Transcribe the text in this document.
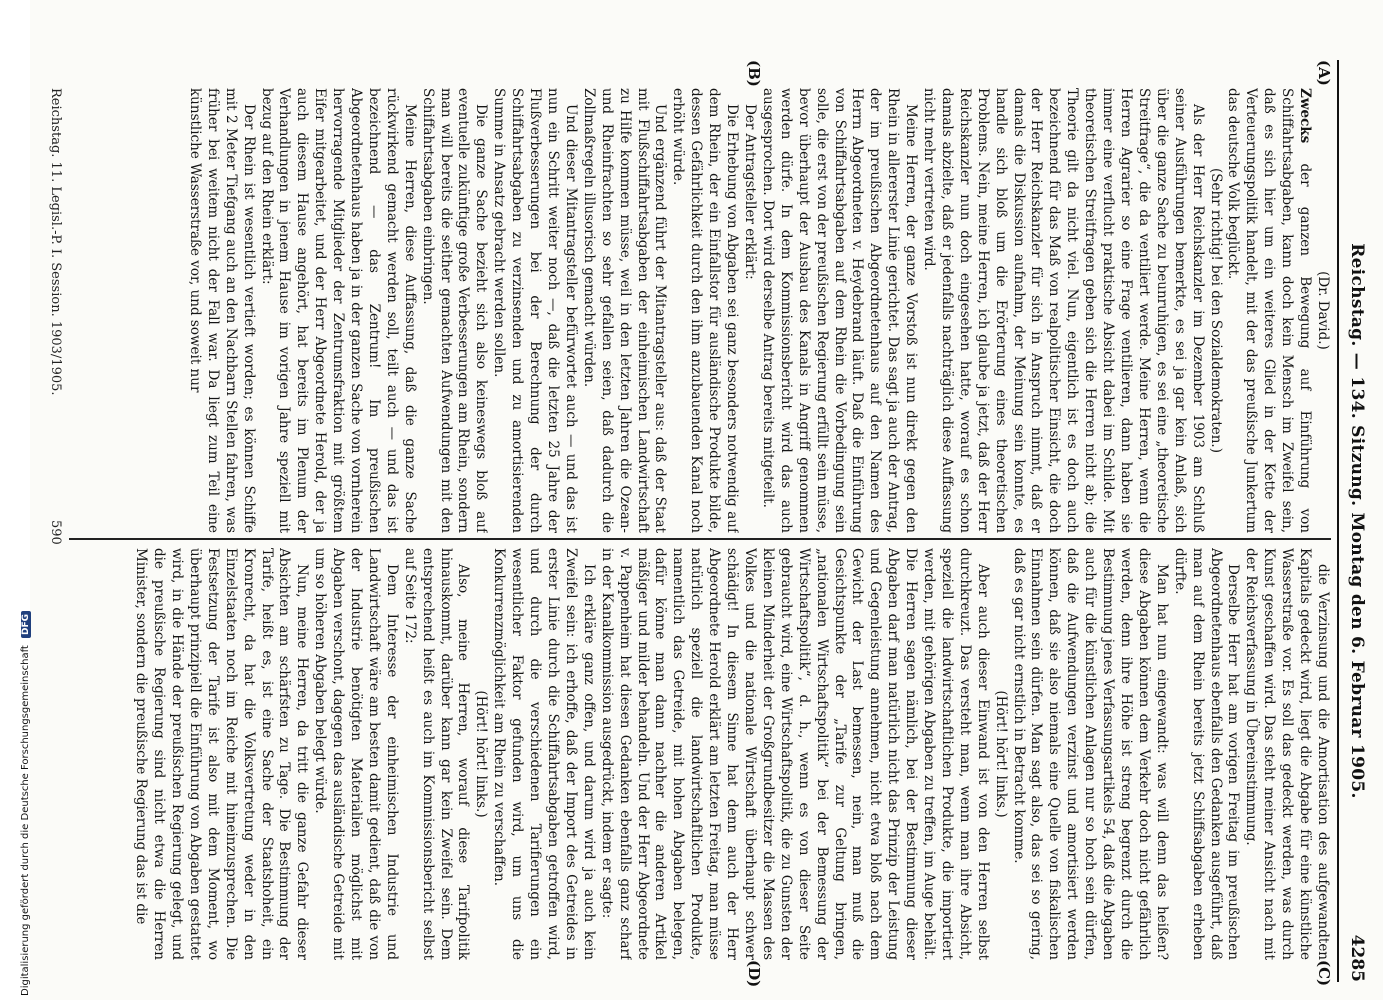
Reichstag. — 134. Sitzung. Montag den 6. Februar 1905.
4285
(A)
(B)
(C)
(D)

(Dr. David.)

Zwecks der ganzen Bewegung auf Einführung von Schiffahrtsabgaben, kann doch kein Mensch im Zweifel sein, daß es sich hier um ein weiteres Glied in der Kette der Verteuerungspolitik handelt, mit der das preußische Junkertum das deutsche Volk beglückt.

(Sehr richtig! bei den Sozialdemokraten.)

Als der Herr Reichskanzler im Dezember 1903 am Schluß seiner Ausführungen bemerkte, es sei ja gar kein Anlaß, sich über die ganze Sache zu beunruhigen, es sei eine „theoretische Streitfrage“, die da ventiliert werde. Meine Herren, wenn die Herren Agrarier so eine Frage ventilieren, dann haben sie immer eine verflucht praktische Absicht dabei im Schilde. Mit theoretischen Streitfragen geben sich die Herren nicht ab; die Theorie gilt da nicht viel. Nun, eigentlich ist es doch auch bezeichnend für das Maß von realpolitischer Einsicht, die doch der Herr Reichskanzler für sich in Anspruch nimmt, daß er damals die Diskussion aufnahm, der Meinung sein konnte, es handle sich bloß um die Erörterung eines theoretischen Problems. Nein, meine Herren, ich glaube ja jetzt, daß der Herr Reichskanzler nun doch eingesehen hatte, worauf es schon damals abzielte, daß er jedenfalls nachträglich diese Auffassung nicht mehr vertreten wird.

Meine Herren, der ganze Vorstoß ist nun direkt gegen den Rhein in allererster Linie gerichtet. Das sagt ja auch der Antrag, der im preußischen Abgeordnetenhaus auf den Namen des Herrn Abgeordneten v. Heydebrand läuft. Daß die Einführung von Schiffahrtsabgaben auf dem Rhein die Vorbedingung sein solle, die erst von der preußischen Regierung erfüllt sein müsse, bevor überhaupt der Ausbau des Kanals in Angriff genommen werden dürfe. In dem Kommissionsbericht wird das auch ausgesprochen. Dort wird derselbe Antrag bereits mitgeteilt.

Der Antragsteller erklärt:

Die Erhebung von Abgaben sei ganz besonders notwendig auf dem Rhein, der ein Einfallstor für ausländische Produkte bilde, dessen Gefährlichkeit durch den ihm anzubauenden Kanal noch erhöht würde.

Und ergänzend führt der Mitantragsteller aus: daß der Staat mit Flußschiffahrtsabgaben der einheimischen Landwirtschaft zu Hilfe kommen müsse, weil in den letzten Jahren die Ozean- und Rheinfrachten so sehr gefallen seien, daß dadurch die Zollmaßregeln illusorisch gemacht würden.

Und dieser Mitantragsteller befürwortet auch — und das ist nun ein Schritt weiter noch —, daß die letzten 25 Jahre der Flußverbesserungen bei der Berechnung der durch Schiffahrtsabgaben zu verzinsenden und zu amortisierenden Summe in Ansatz gebracht werden sollen.

Die ganze Sache bezieht sich also keineswegs bloß auf eventuelle zukünftige große Verbesserungen am Rhein, sondern man will bereits die seither gemachten Aufwendungen mit den Schiffahrtsabgaben einbringen.

Meine Herren, diese Auffassung, daß die ganze Sache rückwirkend gemacht werden soll, teilt auch — und das ist bezeichnend — das Zentrum! Im preußischen Abgeordnetenhaus haben ja in der ganzen Sache von vornherein hervorragende Mitglieder der Zentrumsfraktion mit größtem Eifer mitgearbeitet, und der Herr Abgeordnete Herold, der ja auch diesem Hause angehört, hat bereits im Plenum der Verhandlungen in jenem Hause im vorigen Jahre speziell mit bezug auf den Rhein erklärt:

Der Rhein ist wesentlich vertieft worden; es können Schiffe mit 2 Meter Tiefgang auch an den Nachbarn Stellen fahren, was früher bei weitem nicht der Fall war. Da liegt zum Teil eine künstliche Wasserstraße vor, und soweit nur

die Verzinsung und die Amortisation des aufgewandten Kapitals gedeckt wird, liegt die Abgabe für eine künstliche Wasserstraße vor. Es soll das gedeckt werden, was durch Kunst geschaffen wird. Das steht meiner Ansicht nach mit der Reichsverfassung in Übereinstimmung.

Derselbe Herr hat am vorigen Freitag im preußischen Abgeordnetenhaus ebenfalls den Gedanken ausgeführt, daß man auf dem Rhein bereits jetzt Schiffsabgaben erheben dürfte.

Man hat nun eingewandt: was will denn das heißen? diese Abgaben können dem Verkehr doch nicht gefährlich werden, denn ihre Höhe ist streng begrenzt durch die Bestimmung jenes Verfassungsartikels 54, daß die Abgaben auch für die künstlichen Anlagen nur so hoch sein dürfen, daß die Aufwendungen verzinst und amortisiert werden können, daß sie also niemals eine Quelle von fiskalischen Einnahmen sein dürfen. Man sagt also, das sei so gering, daß es gar nicht ernstlich in Betracht komme.

(Hört! hört! links.)

Aber auch dieser Einwand ist von den Herren selbst durchkreuzt. Das versteht man, wenn man ihre Absicht, speziell die landwirtschaftlichen Produkte, die importiert werden, mit gehörigen Abgaben zu treffen, im Auge behält. Die Herren sagen nämlich, bei der Bestimmung dieser Abgaben darf man natürlich nicht das Prinzip der Leistung und Gegenleistung annehmen, nicht etwa bloß nach dem Gewicht der Last bemessen, nein, man muß die Gesichtspunkte der „Tarife zur Geltung bringen, „nationalen Wirtschaftspolitik“ bei der Bemessung der Wirtschaftspolitik“, d. h., wenn es von dieser Seite gebraucht wird, eine Wirtschaftspolitik, die zu Gunsten der kleinen Minderheit der Großgrundbesitzer die Massen des Volkes und die nationale Wirtschaft überhaupt schwer schädigt! In diesem Sinne hat denn auch der Herr Abgeordnete Herold erklärt am letzten Freitag, man müsse natürlich speziell die landwirtschaftlichen Produkte, namentlich das Getreide, mit hohen Abgaben belegen, dafür könne man dann nachher die anderen Artikel mäßiger und milder behandeln. Und der Herr Abgeordnete v. Pappenheim hat diesen Gedanken ebenfalls ganz scharf in der Kanalkommission ausgedrückt, indem er sagte:

Ich erkläre ganz offen, und darum wird ja auch kein Zweifel sein: ich erhoffe, daß der Import des Getreides in erster Linie durch die Schiffahrtsabgaben getroffen wird, und durch die verschiedenen Tarifierungen ein wesentlicher Faktor gefunden wird, um uns die Konkurrenzmöglichkeit am Rhein zu verschaffen.

(Hört! hört! links.)

Also, meine Herren, worauf diese Tarifpolitik hinauskommt, darüber kann gar kein Zweifel sein. Dem entsprechend heißt es auch im Kommissionsbericht selbst auf Seite 172:

Dem Interesse der einheimischen Industrie und Landwirtschaft wäre am besten damit gedient, daß die von der Industrie benötigten Materialien möglichst mit Abgaben verschont, dagegen das ausländische Getreide mit um so höheren Abgaben belegt würde.

Nun, meine Herren, da tritt die ganze Gefahr dieser Absichten am schärfsten zu Tage. Die Bestimmung der Tarife, heißt es, ist eine Sache der Staatshoheit, ein Kronrecht, da hat die Volksvertretung weder in den Einzelstaaten noch im Reiche mit hineinzusprechen. Die Festsetzung der Tarife ist also mit dem Moment, wo überhaupt prinzipiell die Einführung von Abgaben gestattet wird, in die Hände der preußischen Regierung gelegt, und die preußische Regierung sind nicht etwa die Herren Minister, sondern die preußische Regierung das ist die

Reichstag. 11. Legisl.-P. I. Session. 1903/1905.
590
Digitalisierung gefördert durch die Deutsche Forschungsgemeinschaft DFG
